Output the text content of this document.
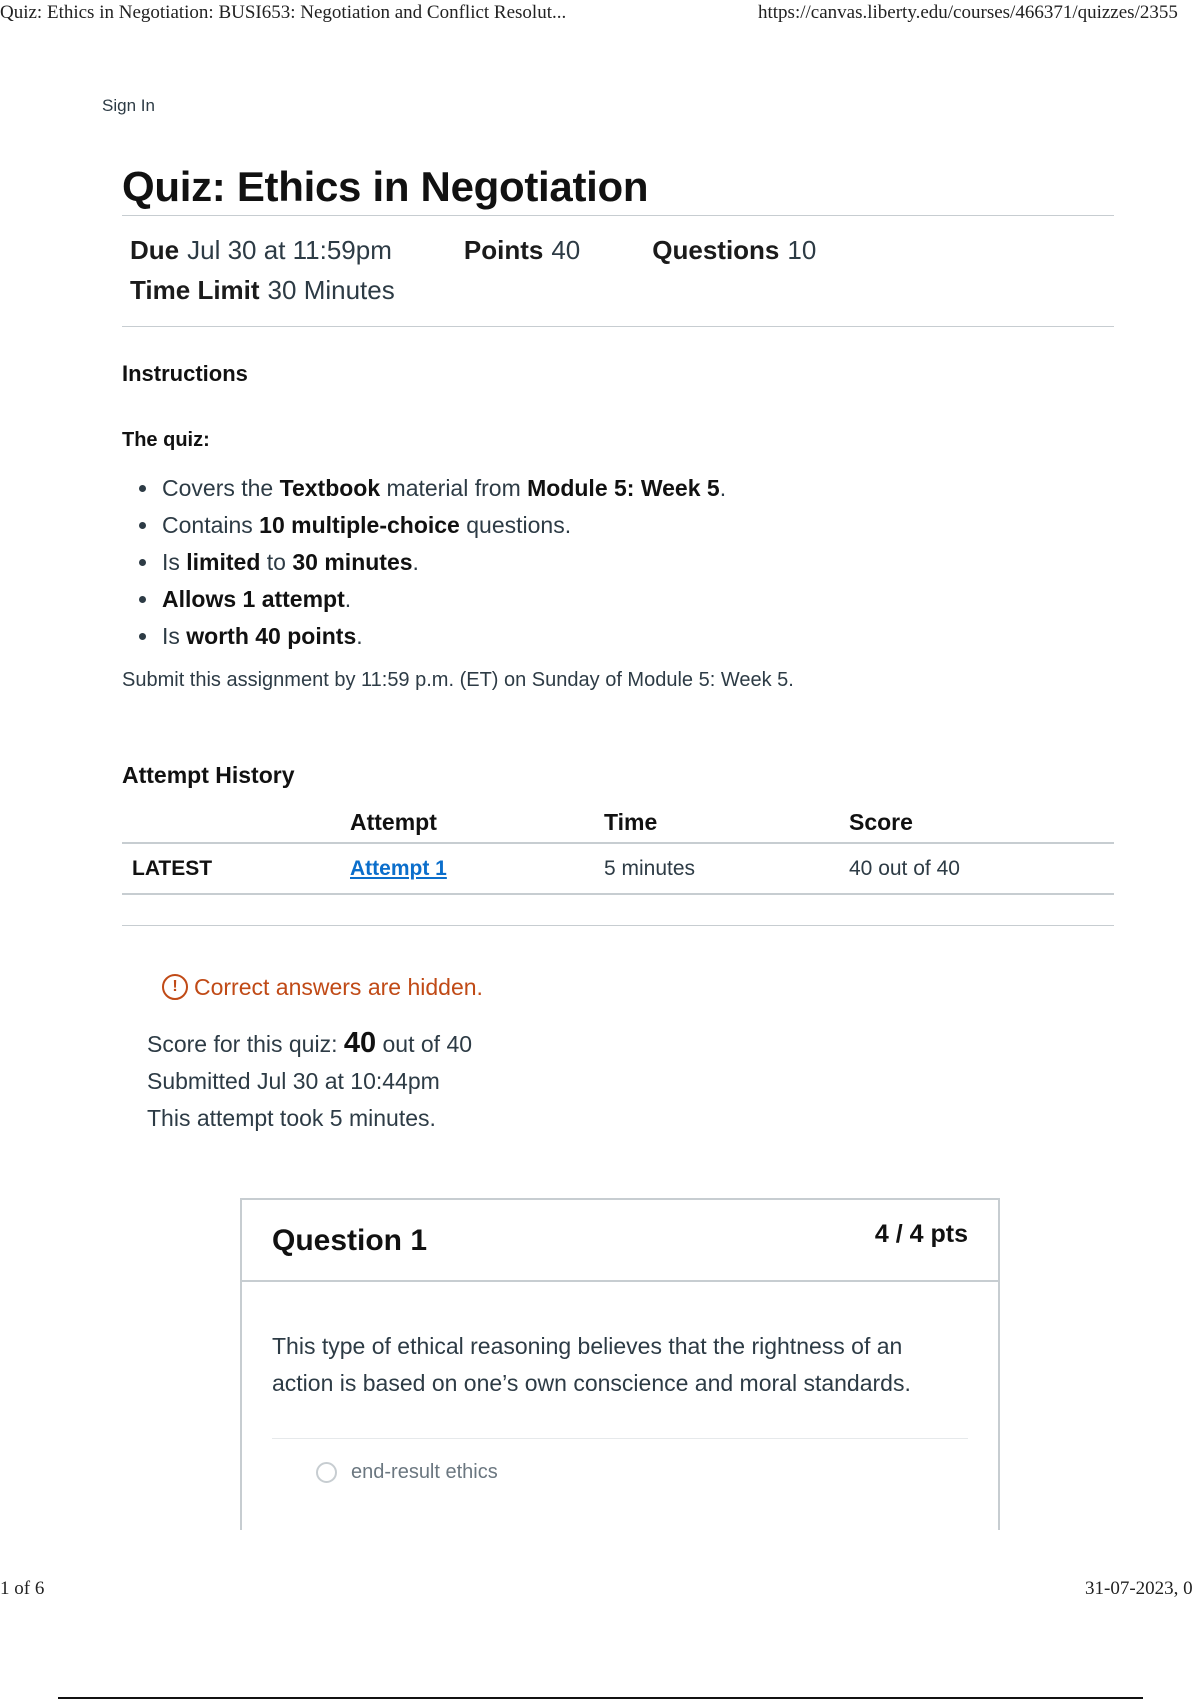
Quiz: Ethics in Negotiation: BUSI653: Negotiation and Conflict Resolut...	https://canvas.liberty.edu/courses/466371/quizzes/2355
Sign In
Quiz: Ethics in Negotiation
Due Jul 30 at 11:59pm	Points 40	Questions 10
Time Limit 30 Minutes
Instructions

The quiz:

• Covers the Textbook material from Module 5: Week 5.
• Contains 10 multiple-choice questions.
• Is limited to 30 minutes.
• Allows 1 attempt.
• Is worth 40 points.

Submit this assignment by 11:59 p.m. (ET) on Sunday of Module 5: Week 5.

Attempt History
	Attempt	Time	Score
LATEST	Attempt 1	5 minutes	40 out of 40
! Correct answers are hidden.
Score for this quiz: 40 out of 40
Submitted Jul 30 at 10:44pm
This attempt took 5 minutes.
Question 1	4 / 4 pts
This type of ethical reasoning believes that the rightness of an action is based on one’s own conscience and moral standards.
end-result ethics
1 of 6	31-07-2023, 0
